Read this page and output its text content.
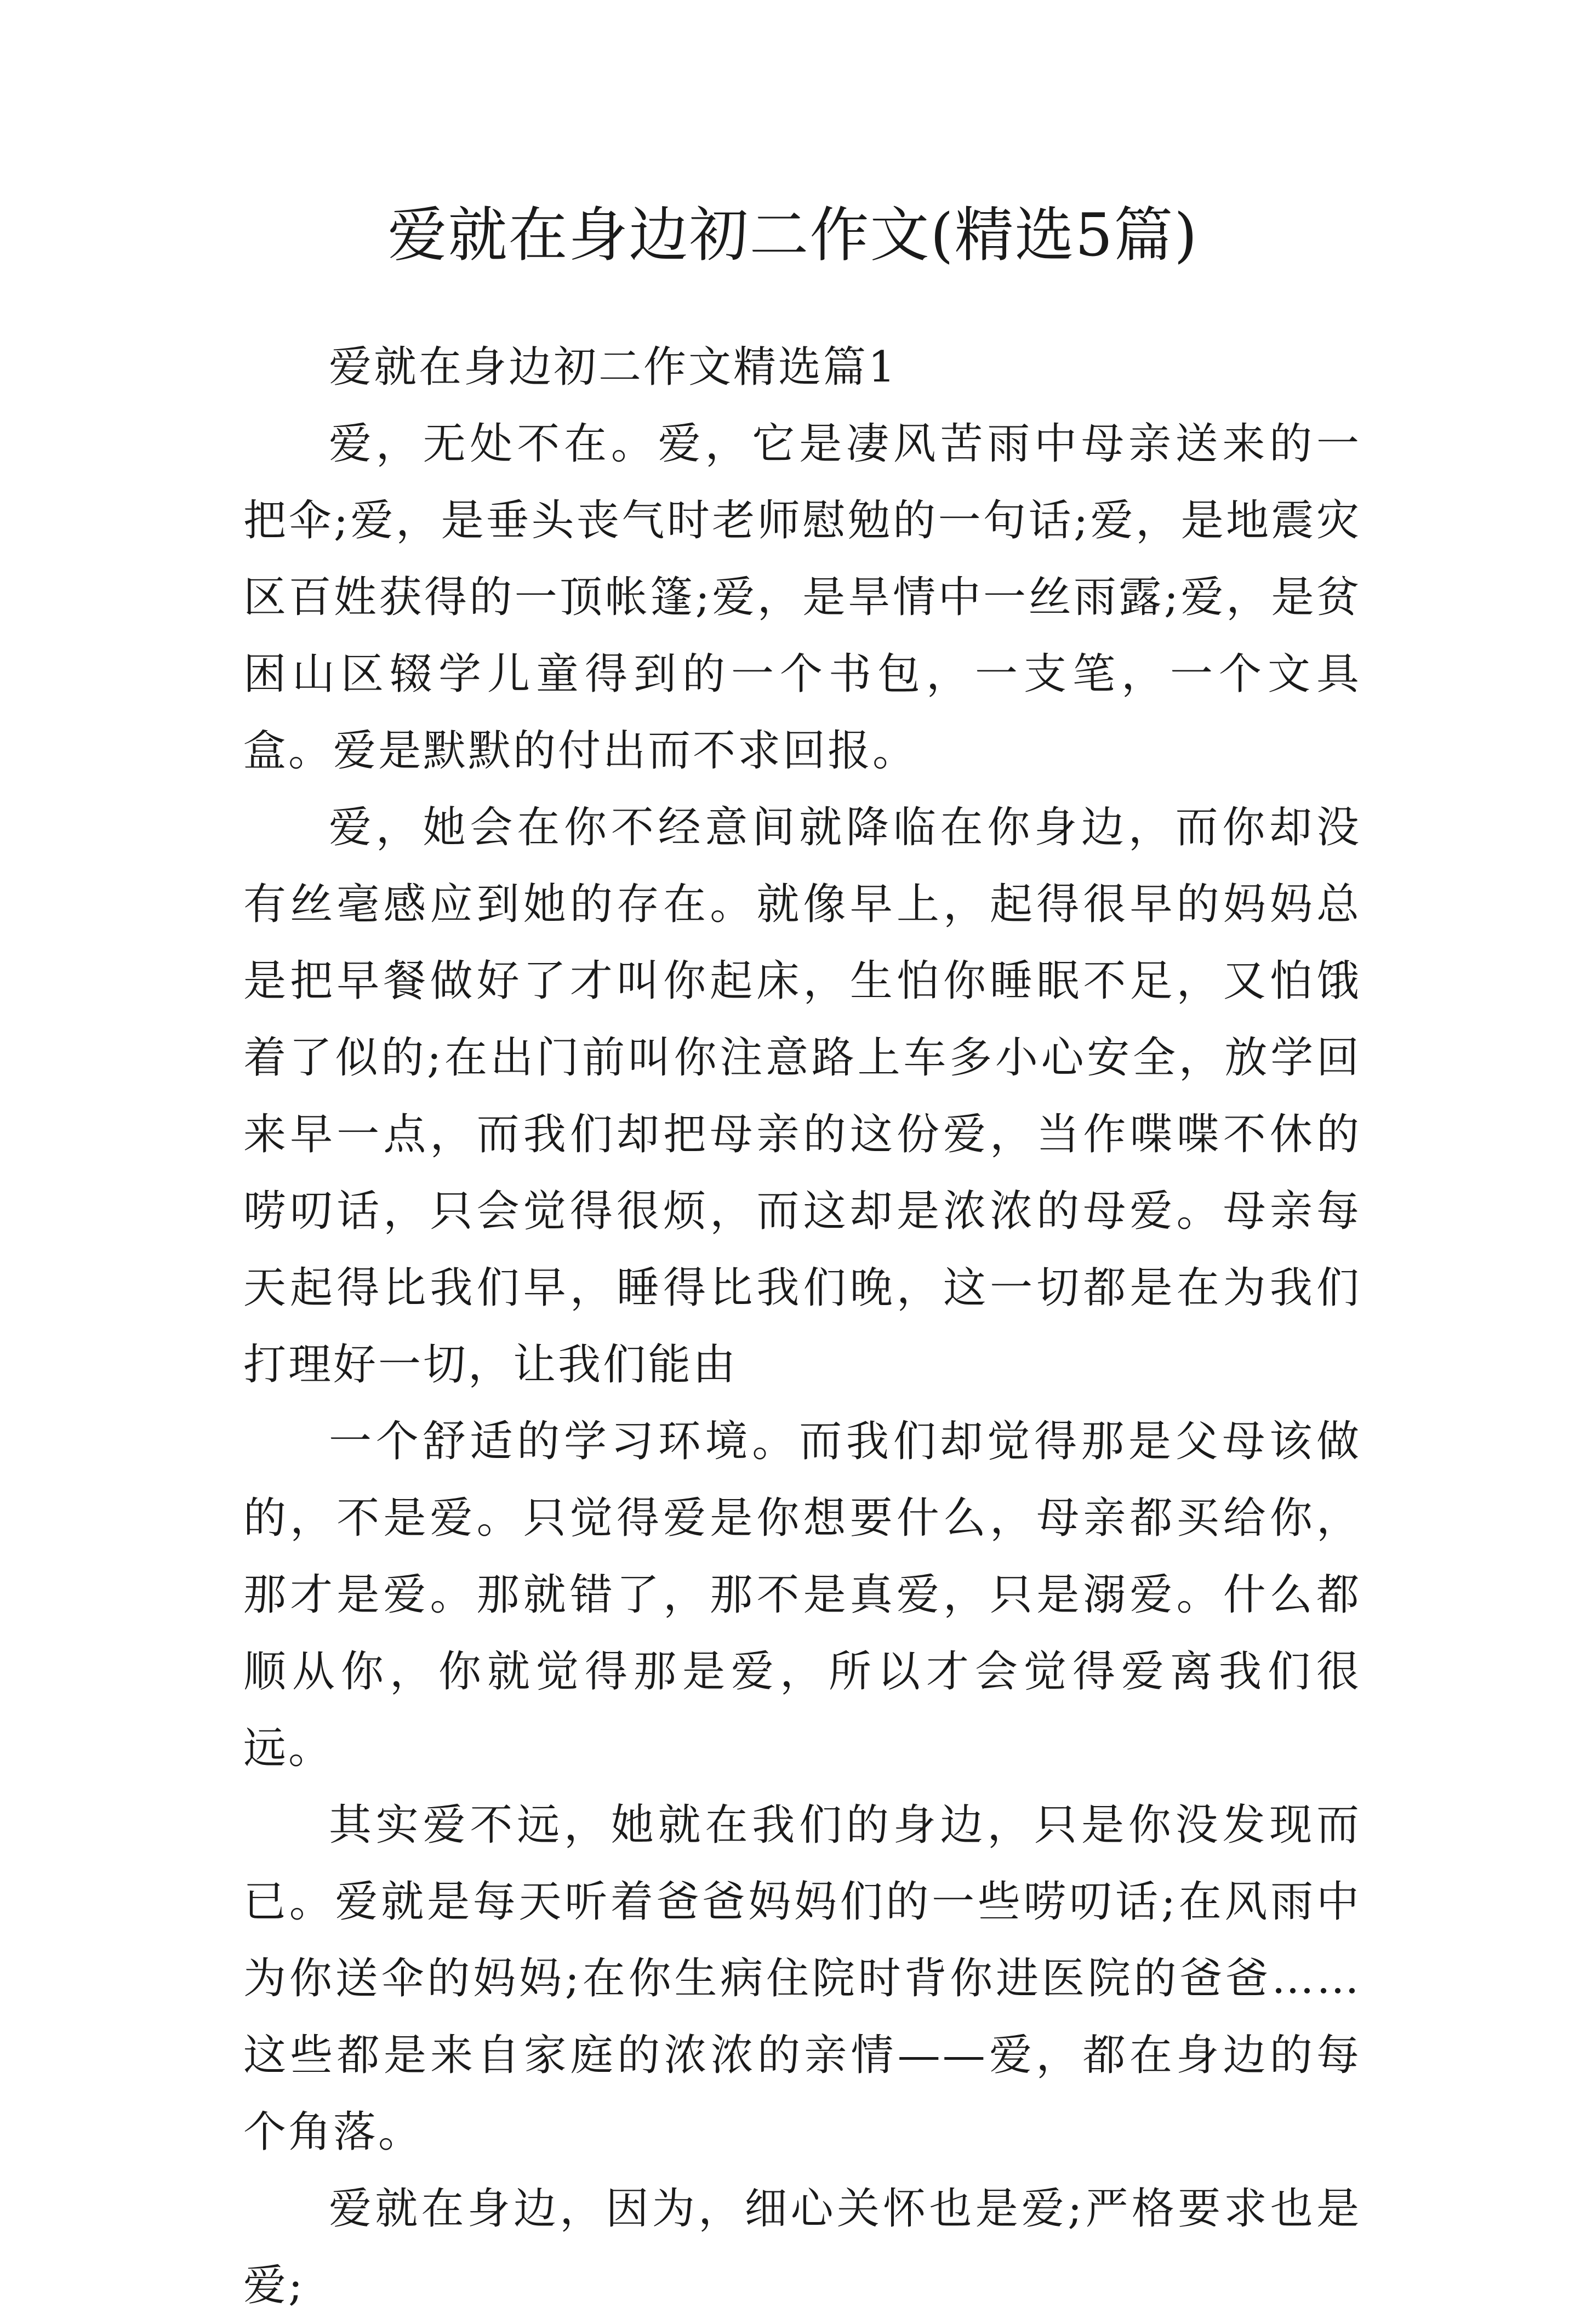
爱就在身边初二作文(精选5篇)

爱就在身边初二作文精选篇1

爱，无处不在。爱，它是凄风苦雨中母亲送来的一把伞;爱，是垂头丧气时老师慰勉的一句话;爱，是地震灾区百姓获得的一顶帐篷;爱，是旱情中一丝雨露;爱，是贫困山区辍学儿童得到的一个书包，一支笔，一个文具盒。爱是默默的付出而不求回报。

爱，她会在你不经意间就降临在你身边，而你却没有丝毫感应到她的存在。就像早上，起得很早的妈妈总是把早餐做好了才叫你起床，生怕你睡眠不足，又怕饿着了似的;在出门前叫你注意路上车多小心安全，放学回来早一点，而我们却把母亲的这份爱，当作喋喋不休的唠叨话，只会觉得很烦，而这却是浓浓的母爱。母亲每天起得比我们早，睡得比我们晚，这一切都是在为我们打理好一切，让我们能由

一个舒适的学习环境。而我们却觉得那是父母该做的，不是爱。只觉得爱是你想要什么，母亲都买给你，那才是爱。那就错了，那不是真爱，只是溺爱。什么都顺从你，你就觉得那是爱，所以才会觉得爱离我们很远。

其实爱不远，她就在我们的身边，只是你没发现而已。爱就是每天听着爸爸妈妈们的一些唠叨话;在风雨中为你送伞的妈妈;在你生病住院时背你进医院的爸爸……这些都是来自家庭的浓浓的亲情——爱，都在身边的每个角落。

爱就在身边，因为，细心关怀也是爱;严格要求也是爱;
